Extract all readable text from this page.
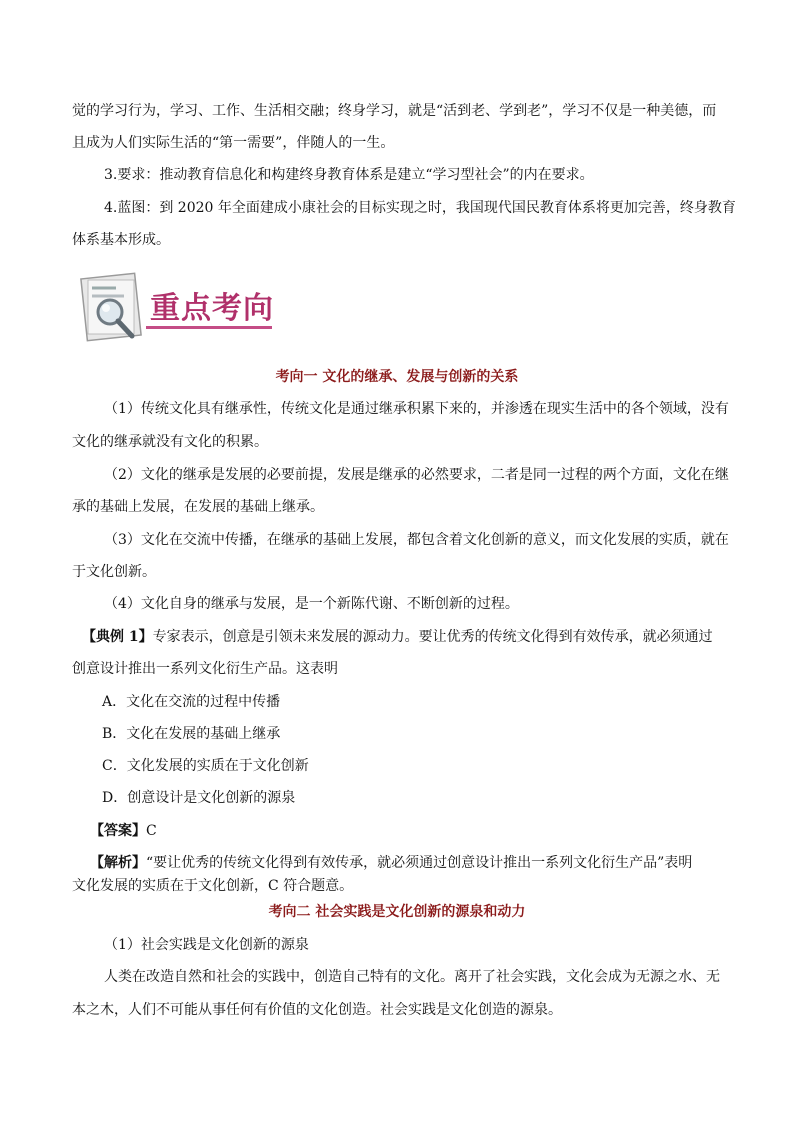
觉的学习行为，学习、工作、生活相交融；终身学习，就是“活到老、学到老”，学习不仅是一种美德，而
且成为人们实际生活的“第一需要”，伴随人的一生。
3.要求：推动教育信息化和构建终身教育体系是建立“学习型社会”的内在要求。
4.蓝图：到 2020 年全面建成小康社会的目标实现之时，我国现代国民教育体系将更加完善，终身教育
体系基本形成。
重点考向
考向一 文化的继承、发展与创新的关系
（1）传统文化具有继承性，传统文化是通过继承积累下来的，并渗透在现实生活中的各个领域，没有
文化的继承就没有文化的积累。
（2）文化的继承是发展的必要前提，发展是继承的必然要求，二者是同一过程的两个方面，文化在继
承的基础上发展，在发展的基础上继承。
（3）文化在交流中传播，在继承的基础上发展，都包含着文化创新的意义，而文化发展的实质，就在
于文化创新。
（4）文化自身的继承与发展，是一个新陈代谢、不断创新的过程。
【典例 1】专家表示，创意是引领未来发展的源动力。要让优秀的传统文化得到有效传承，就必须通过
创意设计推出一系列文化衍生产品。这表明
A．文化在交流的过程中传播
B．文化在发展的基础上继承
C．文化发展的实质在于文化创新
D．创意设计是文化创新的源泉
【答案】C
【解析】“要让优秀的传统文化得到有效传承，就必须通过创意设计推出一系列文化衍生产品”表明
文化发展的实质在于文化创新，C 符合题意。
考向二 社会实践是文化创新的源泉和动力
（1）社会实践是文化创新的源泉
人类在改造自然和社会的实践中，创造自己特有的文化。离开了社会实践，文化会成为无源之水、无
本之木，人们不可能从事任何有价值的文化创造。社会实践是文化创造的源泉。
